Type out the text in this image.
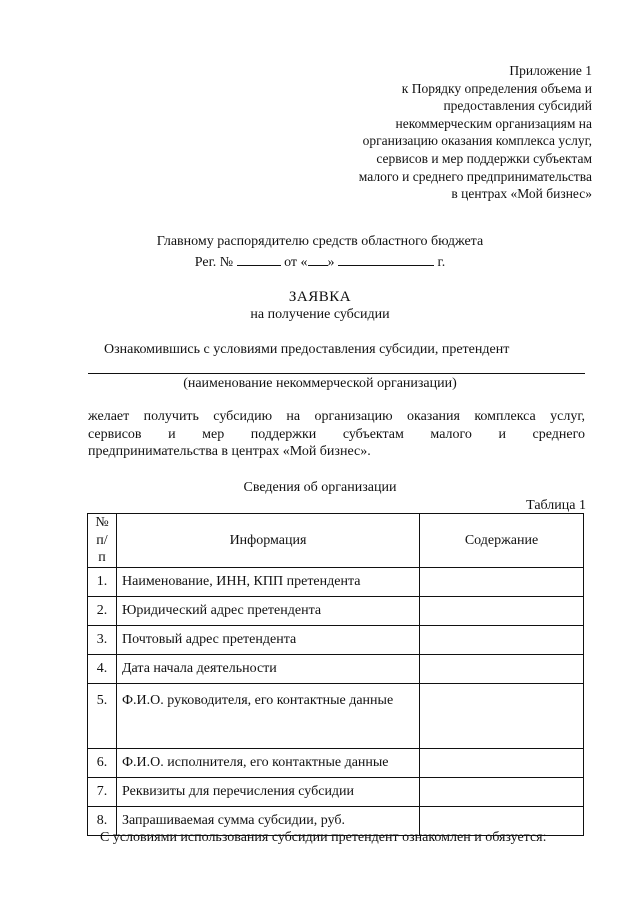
Приложение 1
к Порядку определения объема и
предоставления субсидий
некоммерческим организациям на
организацию оказания комплекса услуг,
сервисов и мер поддержки субъектам
малого и среднего предпринимательства
в центрах «Мой бизнес»
Главному распорядителю средств областного бюджета
Рег. №	от « »	г.
ЗАЯВКА
на получение субсидии
Ознакомившись с условиями предоставления субсидии, претендент
(наименование некоммерческой организации)
желает получить субсидию на организацию оказания комплекса услуг,
сервисов и мер поддержки субъектам малого и среднего
предпринимательства в центрах «Мой бизнес».
Сведения об организации
Таблица 1
№ п/п	Информация	Содержание
1.	Наименование, ИНН, КПП претендента	
2.	Юридический адрес претендента	
3.	Почтовый адрес претендента	
4.	Дата начала деятельности	
5.	Ф.И.О. руководителя, его контактные данные	
6.	Ф.И.О. исполнителя, его контактные данные	
7.	Реквизиты для перечисления субсидии	
8.	Запрашиваемая сумма субсидии, руб.	
С условиями использования субсидии претендент ознакомлен и обязуется:
